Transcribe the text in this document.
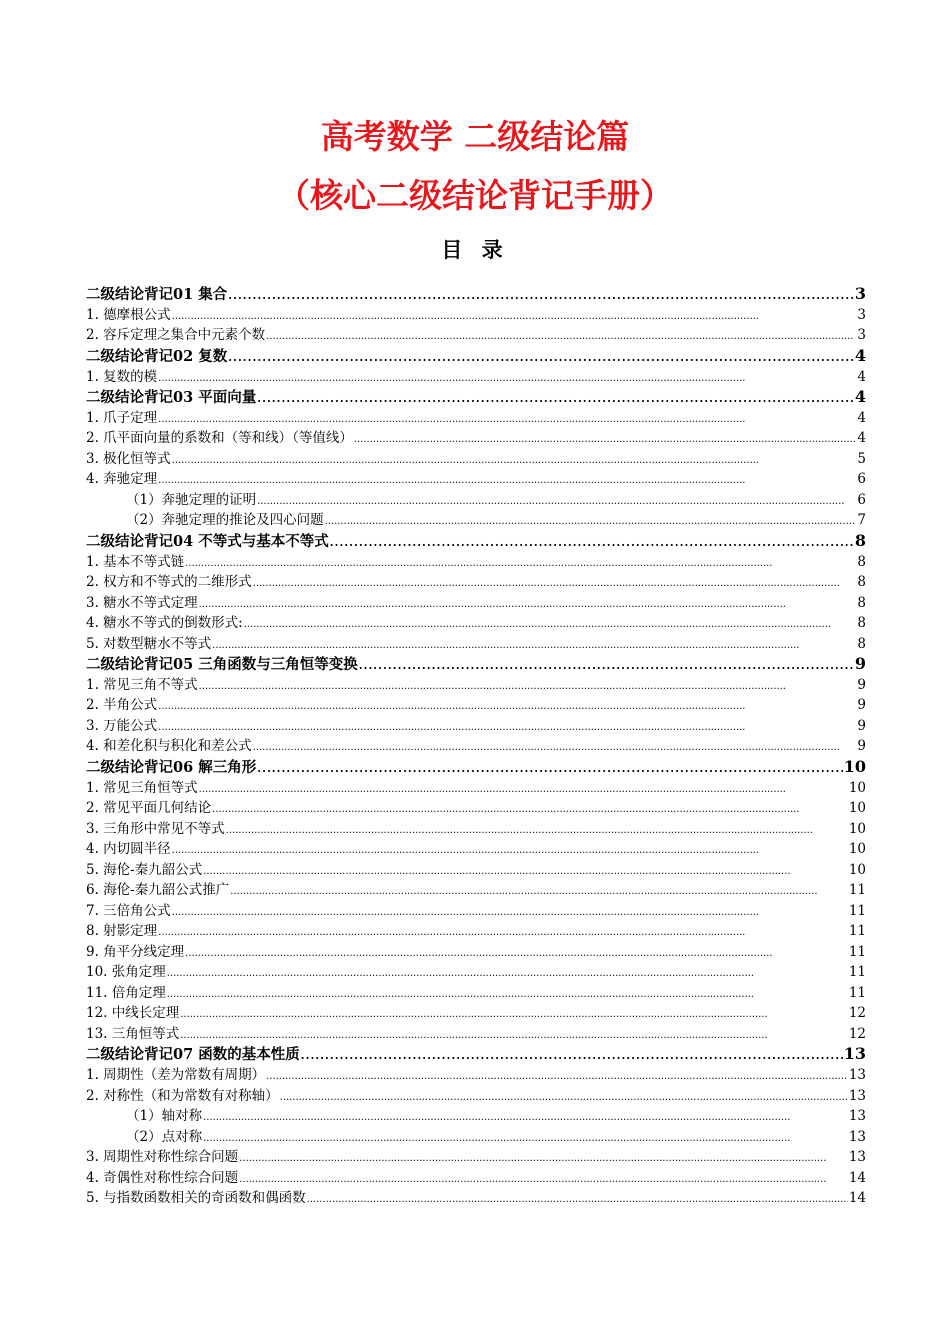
高考数学 二级结论篇
（核心二级结论背记手册）
目 录
二级结论背记01 集合 . . .	3
1. 德摩根公式 . . .	3
2. 容斥定理之集合中元素个数 . . .	3
二级结论背记02 复数 . . .	4
1. 复数的模 . . .	4
二级结论背记03 平面向量 . . .	4
1. 爪子定理 . . .	4
2. 爪平面向量的系数和（等和线）（等值线） . . .	4
3. 极化恒等式 . . .	5
4. 奔驰定理 . . .	6
（1）奔驰定理的证明 . . .	6
（2）奔驰定理的推论及四心问题 . . .	7
二级结论背记04 不等式与基本不等式 . . .	8
1. 基本不等式链 . . .	8
2. 权方和不等式的二维形式 . . .	8
3. 糖水不等式定理 . . .	8
4. 糖水不等式的倒数形式: . . .	8
5. 对数型糖水不等式 . . .	8
二级结论背记05 三角函数与三角恒等变换 . . .	9
1. 常见三角不等式 . . .	9
2. 半角公式 . . .	9
3. 万能公式 . . .	9
4. 和差化积与积化和差公式 . . .	9
二级结论背记06 解三角形 . . .	10
1. 常见三角恒等式 . . .	10
2. 常见平面几何结论 . . .	10
3. 三角形中常见不等式 . . .	10
4. 内切圆半径 . . .	10
5. 海伦-秦九韶公式 . . .	10
6. 海伦-秦九韶公式推广 . . .	11
7. 三倍角公式 . . .	11
8. 射影定理 . . .	11
9. 角平分线定理 . . .	11
10. 张角定理 . . .	11
11. 倍角定理 . . .	11
12. 中线长定理 . . .	12
13. 三角恒等式 . . .	12
二级结论背记07 函数的基本性质 . . .	13
1. 周期性（差为常数有周期） . . .	13
2. 对称性（和为常数有对称轴） . . .	13
（1）轴对称 . . .	13
（2）点对称 . . .	13
3. 周期性对称性综合问题 . . .	13
4. 奇偶性对称性综合问题 . . .	14
5. 与指数函数相关的奇函数和偶函数 . . .	14
